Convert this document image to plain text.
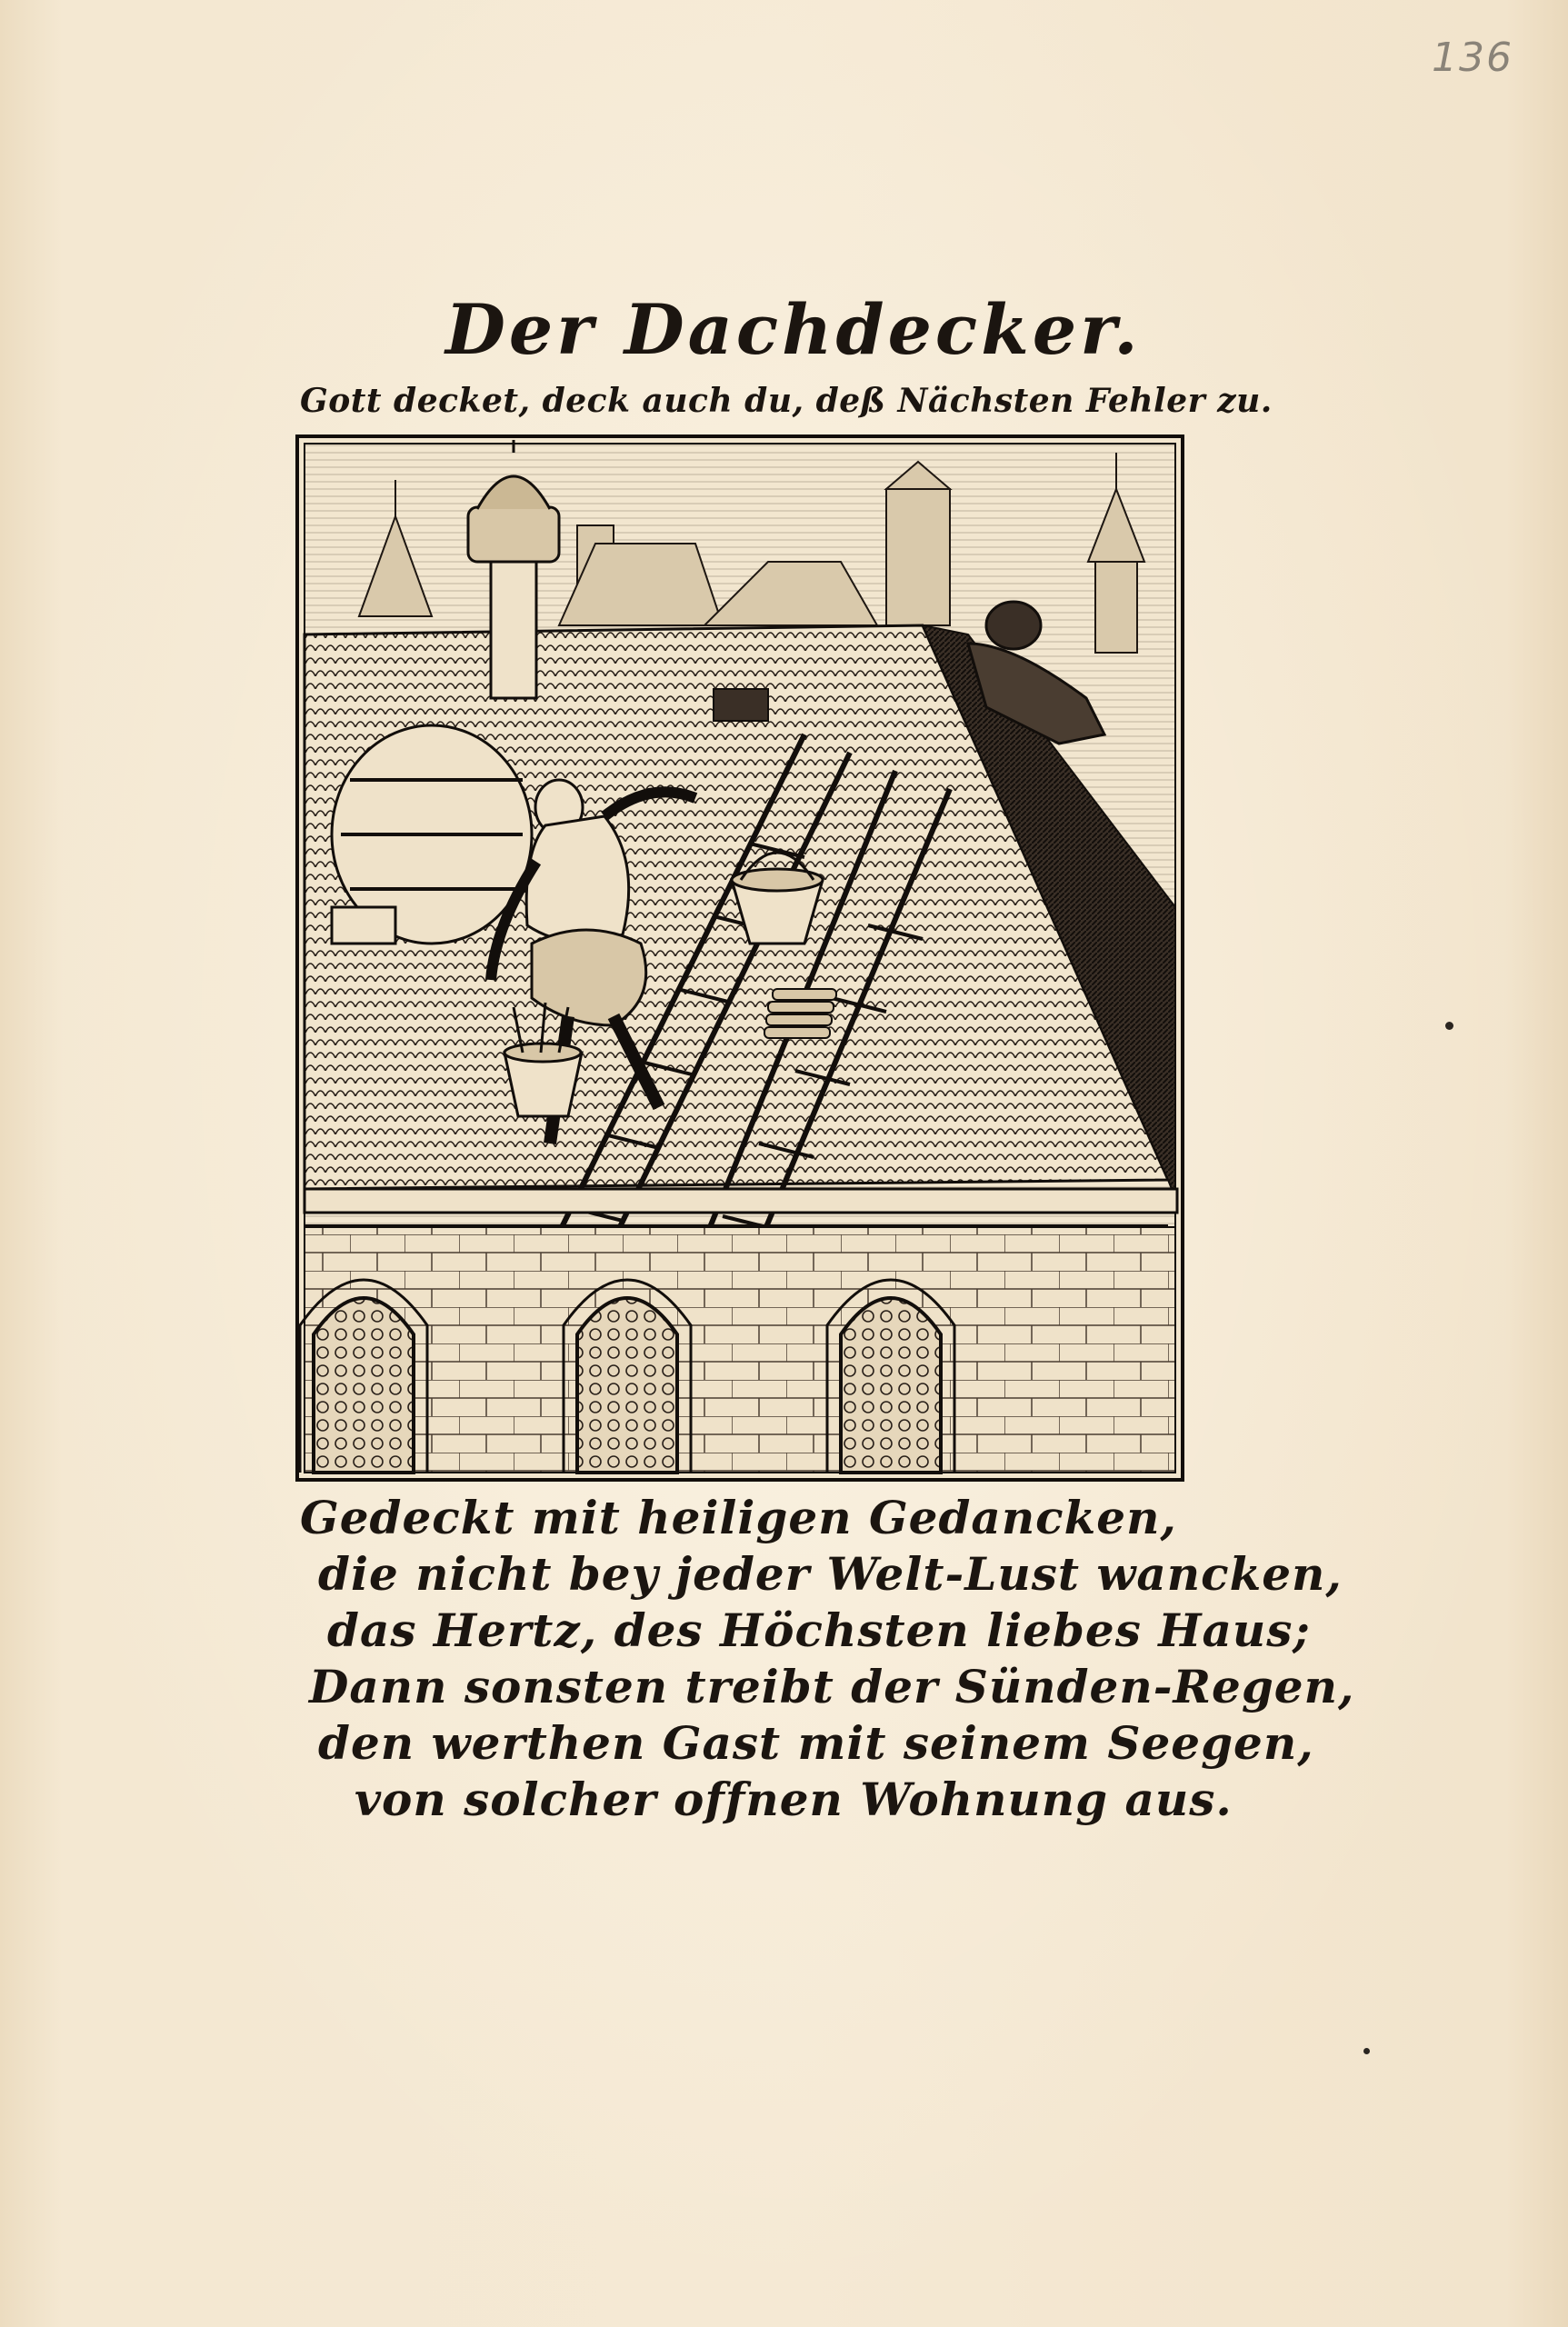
136
Der Dachdecker.
Gott decket, deck auch du, deß Nächsten Fehler zu.
Gedeckt mit heiligen Gedancken,
die nicht bey jeder Welt-Lust wancken,
das Hertz, des Höchsten liebes Haus;
Dann sonsten treibt der Sünden-Regen,
den werthen Gast mit seinem Seegen,
von solcher offnen Wohnung aus.
